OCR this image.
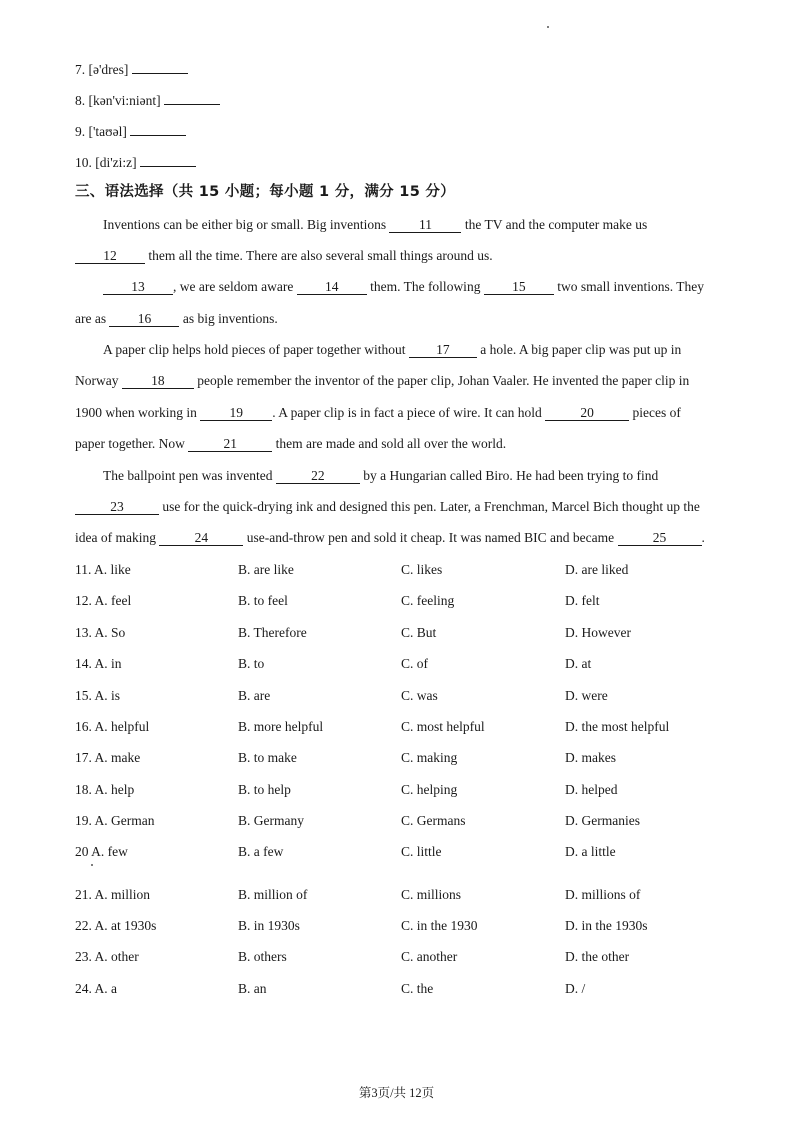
7. [ə'dres]
8. [kən'vi:niənt]
9. ['taʊəl]
10. [di'zi:z]
三、语法选择（共 15 小题；每小题 1 分，满分 15 分）
Inventions can be either big or small. Big inventions 11 the TV and the computer make us
12 them all the time. There are also several small things around us.
13 , we are seldom aware 14 them. The following 15 two small inventions. They
are as 16 as big inventions.
A paper clip helps hold pieces of paper together without 17 a hole. A big paper clip was put up in
Norway 18 people remember the inventor of the paper clip, Johan Vaaler. He invented the paper clip in
1900 when working in 19 . A paper clip is in fact a piece of wire. It can hold	20	pieces of
paper together. Now	21	them are made and sold all over the world.
The ballpoint pen was invented	22	by a Hungarian called Biro. He had been trying to find
23	use for the quick-drying ink and designed this pen. Later, a Frenchman, Marcel Bich thought up the
idea of making	24	use-and-throw pen and sold it cheap. It was named BIC and became	25	.
11. A. like	B. are like	C. likes	D. are liked
12. A. feel	B. to feel	C. feeling	D. felt
13. A. So	B. Therefore	C. But	D. However
14. A. in	B. to	C. of	D. at
15. A. is	B. are	C. was	D. were
16. A. helpful	B. more helpful	C. most helpful	D. the most helpful
17. A. make	B. to make	C. making	D. makes
18. A. help	B. to help	C. helping	D. helped
19. A. German	B. Germany	C. Germans	D. Germanies
20 A. few	B. a few	C. little	D. a little
21. A. million	B. million of	C. millions	D. millions of
22. A. at 1930s	B. in 1930s	C. in the 1930	D. in the 1930s
23. A. other	B. others	C. another	D. the other
24. A. a	B. an	C. the	D. /
第3页/共 12页
